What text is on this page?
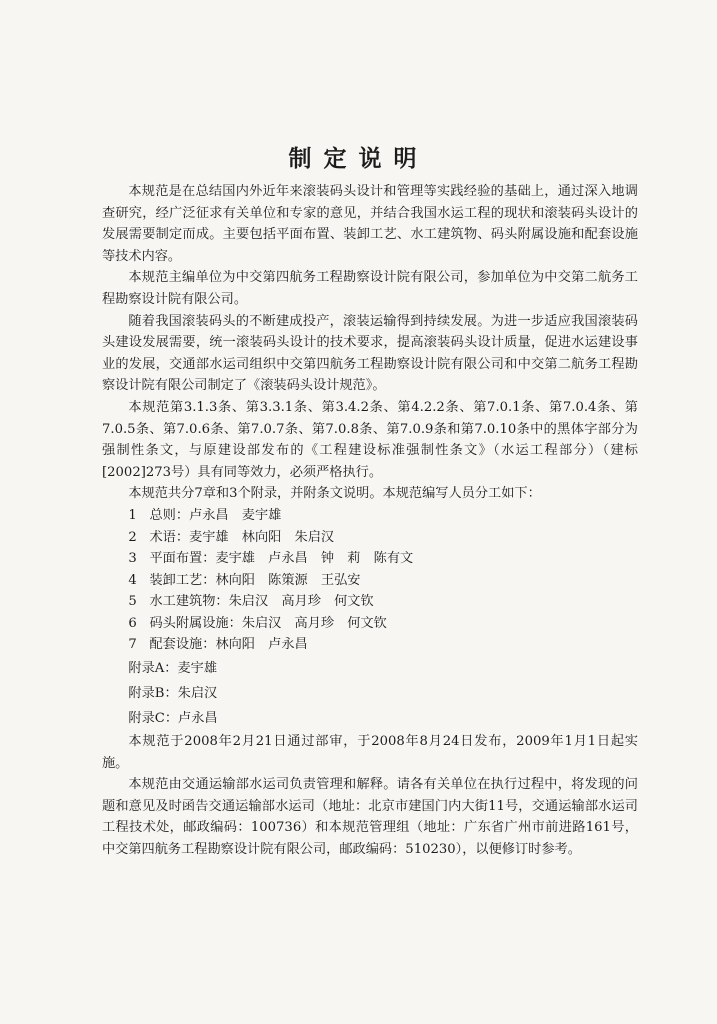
制定说明

本规范是在总结国内外近年来滚装码头设计和管理等实践经验的基础上，通过深入地调查研究，经广泛征求有关单位和专家的意见，并结合我国水运工程的现状和滚装码头设计的发展需要制定而成。主要包括平面布置、装卸工艺、水工建筑物、码头附属设施和配套设施等技术内容。

本规范主编单位为中交第四航务工程勘察设计院有限公司，参加单位为中交第二航务工程勘察设计院有限公司。

随着我国滚装码头的不断建成投产，滚装运输得到持续发展。为进一步适应我国滚装码头建设发展需要，统一滚装码头设计的技术要求，提高滚装码头设计质量，促进水运建设事业的发展，交通部水运司组织中交第四航务工程勘察设计院有限公司和中交第二航务工程勘察设计院有限公司制定了《滚装码头设计规范》。

本规范第3.1.3条、第3.3.1条、第3.4.2条、第4.2.2条、第7.0.1条、第7.0.4条、第7.0.5条、第7.0.6条、第7.0.7条、第7.0.8条、第7.0.9条和第7.0.10条中的黑体字部分为强制性条文，与原建设部发布的《工程建设标准强制性条文》（水运工程部分）（建标[2002]273号）具有同等效力，必须严格执行。

本规范共分7章和3个附录，并附条文说明。本规范编写人员分工如下：

1 总则：卢永昌　麦宇雄

2 术语：麦宇雄　林向阳　朱启汉

3 平面布置：麦宇雄　卢永昌　钟　莉　陈有文

4 装卸工艺：林向阳　陈策源　王弘安

5 水工建筑物：朱启汉　高月珍　何文钦

6 码头附属设施：朱启汉　高月珍　何文钦

7 配套设施：林向阳　卢永昌

附录A：麦宇雄

附录B：朱启汉

附录C：卢永昌

本规范于2008年2月21日通过部审，于2008年8月24日发布，2009年1月1日起实施。

本规范由交通运输部水运司负责管理和解释。请各有关单位在执行过程中，将发现的问题和意见及时函告交通运输部水运司（地址：北京市建国门内大街11号，交通运输部水运司工程技术处，邮政编码：100736）和本规范管理组（地址：广东省广州市前进路161号，中交第四航务工程勘察设计院有限公司，邮政编码：510230），以便修订时参考。
